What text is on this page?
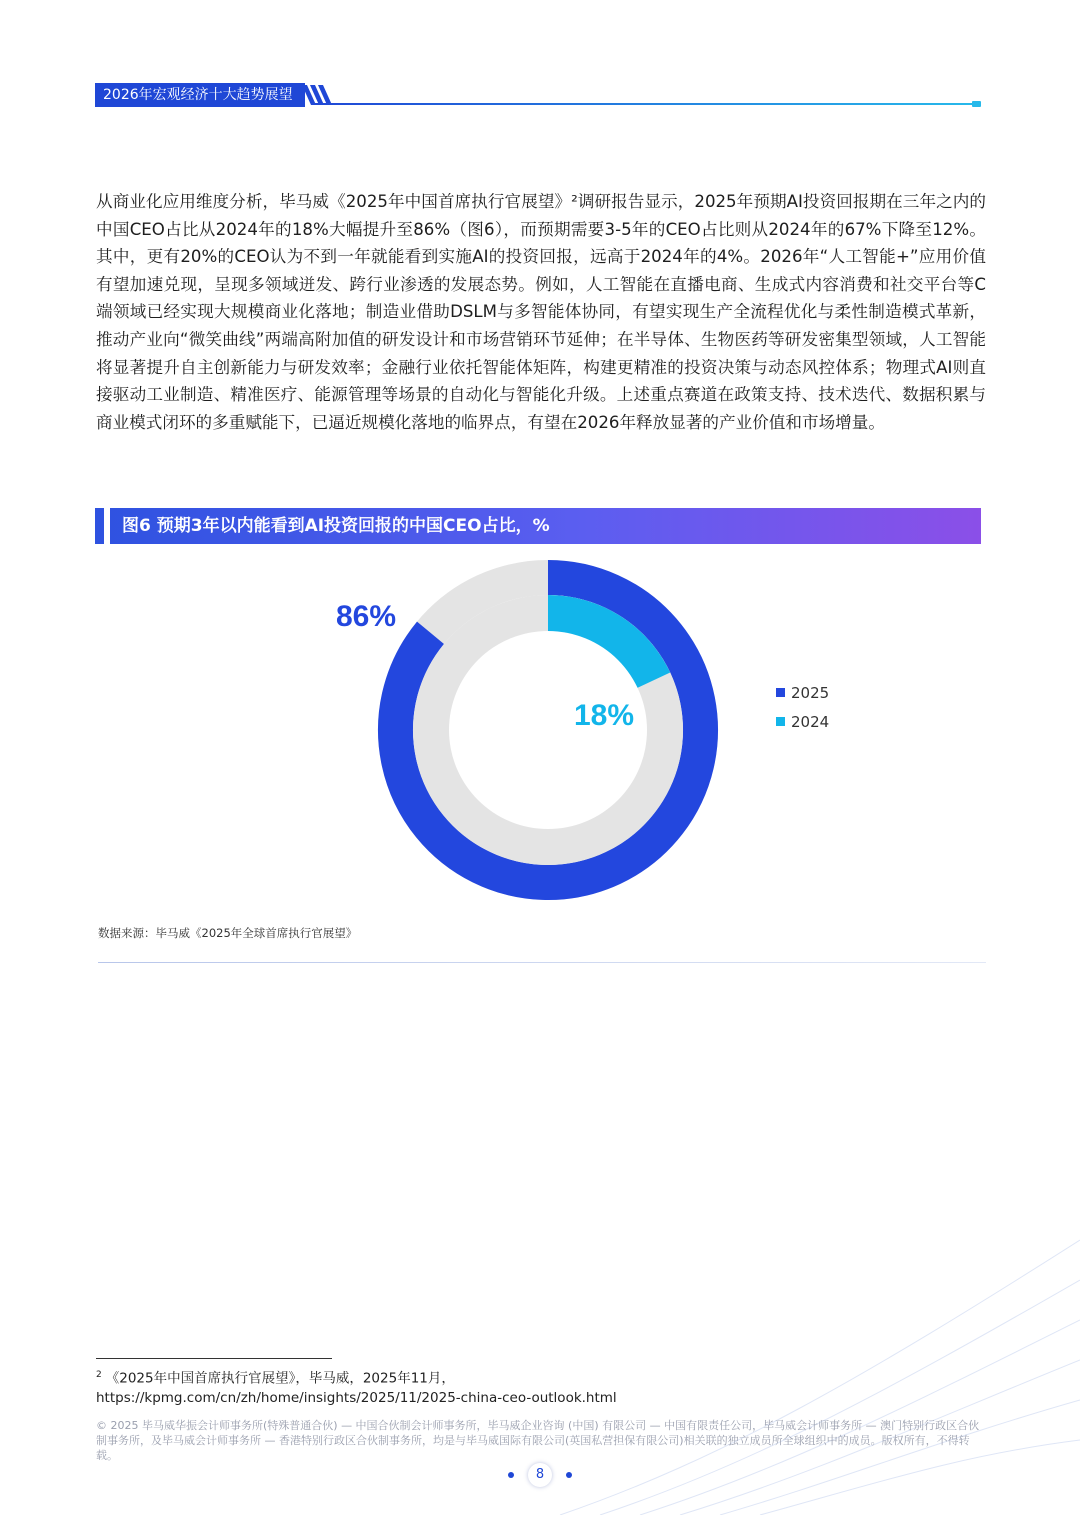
2026年宏观经济十大趋势展望

从商业化应用维度分析，毕马威《2025年中国首席执行官展望》²调研报告显示，2025年预期AI投资回报期在三年之内的中国CEO占比从2024年的18%大幅提升至86%（图6），而预期需要3-5年的CEO占比则从2024年的67%下降至12%。其中，更有20%的CEO认为不到一年就能看到实施AI的投资回报，远高于2024年的4%。2026年“人工智能+”应用价值有望加速兑现，呈现多领域迸发、跨行业渗透的发展态势。例如，人工智能在直播电商、生成式内容消费和社交平台等C端领域已经实现大规模商业化落地；制造业借助DSLM与多智能体协同，有望实现生产全流程优化与柔性制造模式革新，推动产业向“微笑曲线”两端高附加值的研发设计和市场营销环节延伸；在半导体、生物医药等研发密集型领域，人工智能将显著提升自主创新能力与研发效率；金融行业依托智能体矩阵，构建更精准的投资决策与动态风控体系；物理式AI则直接驱动工业制造、精准医疗、能源管理等场景的自动化与智能化升级。上述重点赛道在政策支持、技术迭代、数据积累与商业模式闭环的多重赋能下，已逼近规模化落地的临界点，有望在2026年释放显著的产业价值和市场增量。

图6 预期3年以内能看到AI投资回报的中国CEO占比，%
86%
18%
2025
2024
数据来源：毕马威《2025年全球首席执行官展望》
$^2$ 《2025年中国首席执行官展望》，毕马威，2025年11月，
https://kpmg.com/cn/zh/home/insights/2025/11/2025-china-ceo-outlook.html
© 2025 毕马威华振会计师事务所(特殊普通合伙) — 中国合伙制会计师事务所，毕马威企业咨询 (中国) 有限公司 — 中国有限责任公司，毕马威会计师事务所 — 澳门特别行政区合伙制事务所，及毕马威会计师事务所 — 香港特别行政区合伙制事务所，均是与毕马威国际有限公司(英国私营担保有限公司)相关联的独立成员所全球组织中的成员。版权所有，不得转载。
8
